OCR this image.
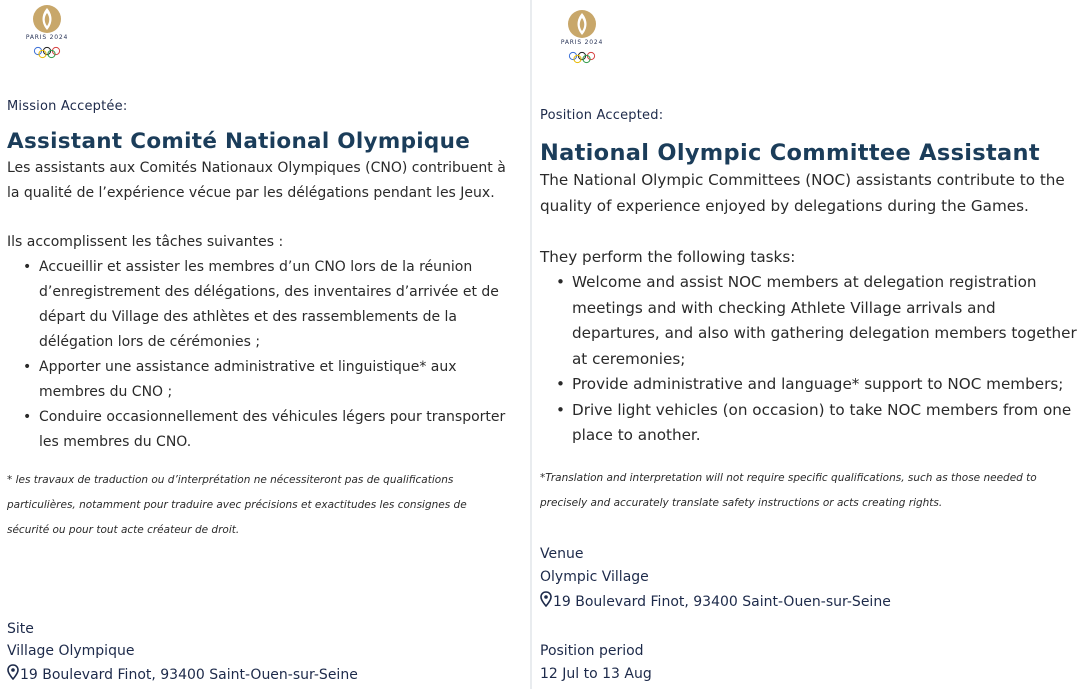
PARIS 2024
Mission Acceptée:
Assistant Comité National Olympique
Les assistants aux Comités Nationaux Olympiques (CNO) contribuent à la qualité de l’expérience vécue par les délégations pendant les Jeux.
Ils accomplissent les tâches suivantes :
• Accueillir et assister les membres d’un CNO lors de la réunion d’enregistrement des délégations, des inventaires d’arrivée et de départ du Village des athlètes et des rassemblements de la délégation lors de cérémonies ;
• Apporter une assistance administrative et linguistique* aux membres du CNO ;
• Conduire occasionnellement des véhicules légers pour transporter les membres du CNO.
* les travaux de traduction ou d’interprétation ne nécessiteront pas de qualifications particulières, notamment pour traduire avec précisions et exactitudes les consignes de sécurité ou pour tout acte créateur de droit.
Site
Village Olympique
19 Boulevard Finot, 93400 Saint-Ouen-sur-Seine
PARIS 2024
Position Accepted:
National Olympic Committee Assistant
The National Olympic Committees (NOC) assistants contribute to the quality of experience enjoyed by delegations during the Games.
They perform the following tasks:
• Welcome and assist NOC members at delegation registration meetings and with checking Athlete Village arrivals and departures, and also with gathering delegation members together at ceremonies;
• Provide administrative and language* support to NOC members;
• Drive light vehicles (on occasion) to take NOC members from one place to another.
*Translation and interpretation will not require specific qualifications, such as those needed to precisely and accurately translate safety instructions or acts creating rights.
Venue
Olympic Village
19 Boulevard Finot, 93400 Saint-Ouen-sur-Seine
Position period
12 Jul to 13 Aug
